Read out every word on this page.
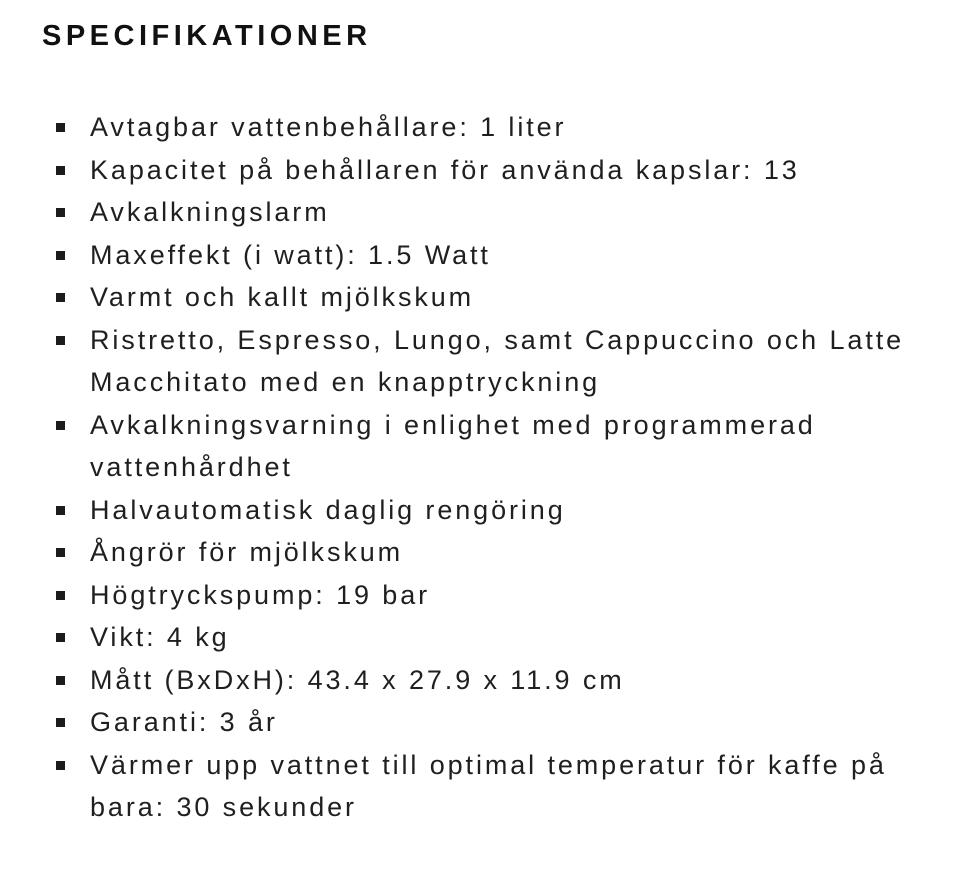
SPECIFIKATIONER
Avtagbar vattenbehållare: 1 liter
Kapacitet på behållaren för använda kapslar: 13
Avkalkningslarm
Maxeffekt (i watt): 1.5 Watt
Varmt och kallt mjölkskum
Ristretto, Espresso, Lungo, samt Cappuccino och Latte Macchitato med en knapptryckning
Avkalkningsvarning i enlighet med programmerad vattenhårdhet
Halvautomatisk daglig rengöring
Ångrör för mjölkskum
Högtryckspump: 19 bar
Vikt: 4 kg
Mått (BxDxH): 43.4 x 27.9 x 11.9 cm
Garanti: 3 år
Värmer upp vattnet till optimal temperatur för kaffe på bara: 30 sekunder
